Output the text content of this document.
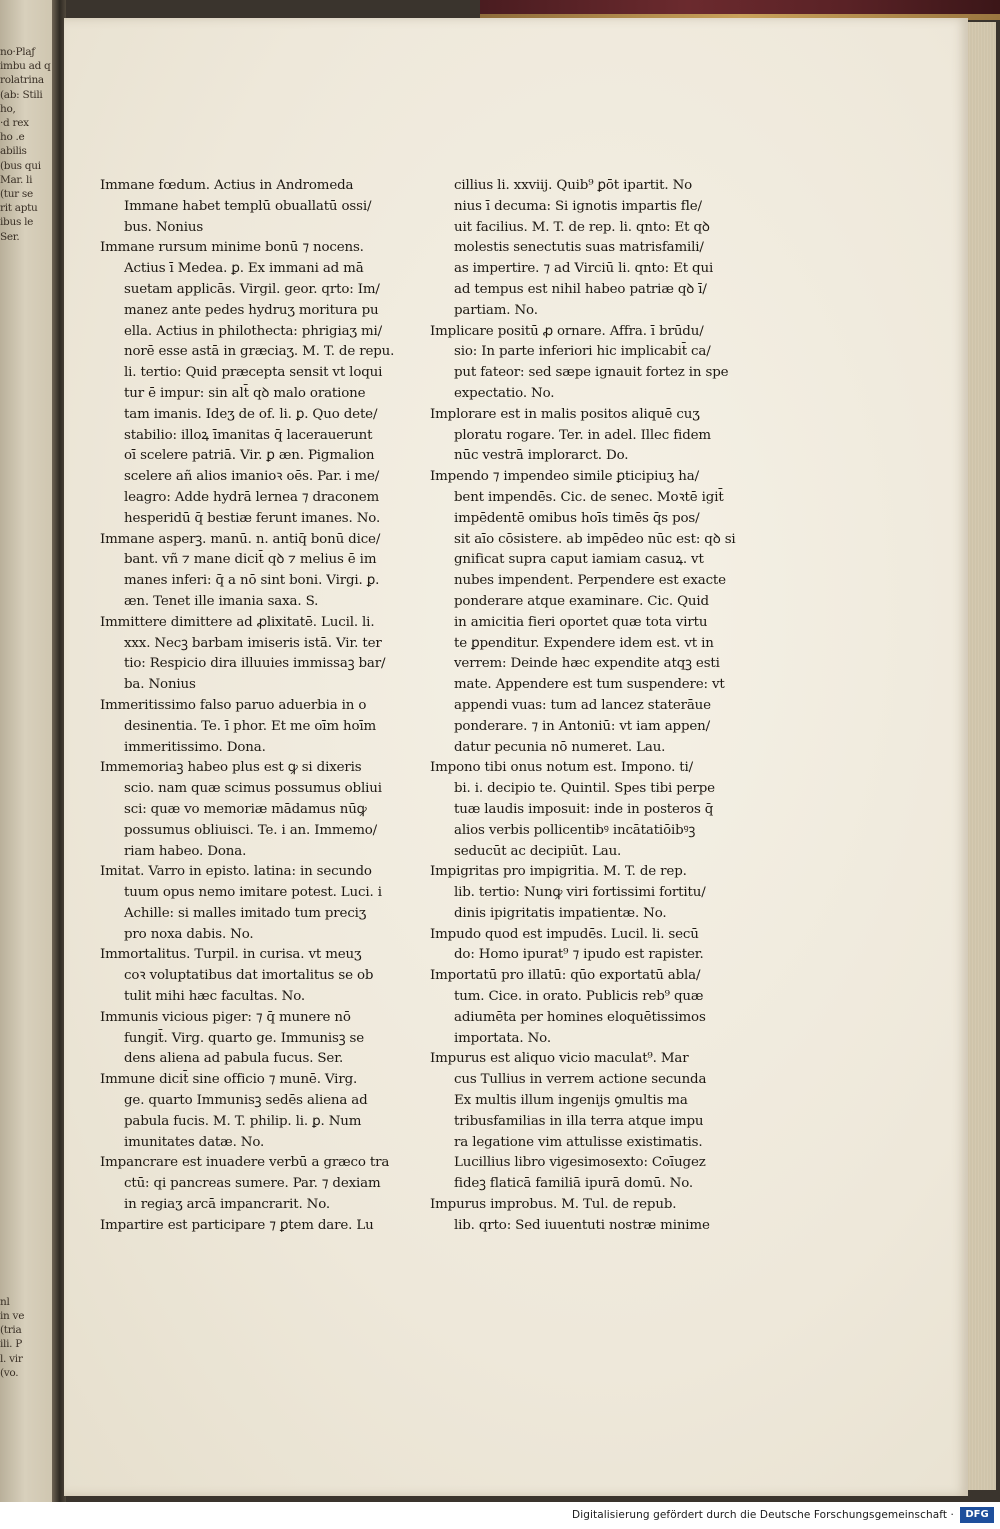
no·Plaƒ
imbu ad q
rolatrina
(ab: Stili
ho,
·d rex
ho .e
abilis
(bus qui
Mar. li
(tur se
rit aptu
ibus le
Ser.

nl
in ve
(tria
ili. P
l. vir
(vo.
Immane fœdum. Actius in Andromeda
Immane habet templū obuallatū ossi/
bus. Nonius
Immane rursum minime bonū ⁊ nocens.
Actius ī Medea. ꝑ. Ex immani ad mā
suetam applicās. Virgil. geor. qrto: Im/
manez ante pedes hydruʒ moritura pu
ella. Actius in philothecta: phrigiaʒ mi/
norē esse astā in græciaʒ. M. T. de repu.
li. tertio: Quid præcepta sensit vt loqui
tur ē impur: sin alt̄ qꝺ malo oratione
tam imanis. Ideʒ de of. li. ꝑ. Quo dete/
stabilio: illoꝝ īmanitas q̄ lacerauerunt
oī scelere patriā. Vir. ꝑ æn. Pigmalion
scelere añ alios imanioꝛ oēs. Par. i me/
leagro: Adde hydrā lernea ⁊ draconem
hesperidū q̄ bestiæ ferunt imanes. No.
Immane asperꝫ. manū. n. antiq̄ bonū dice/
bant. vñ ⁊ mane dicit̄ qꝺ ⁊ melius ē im
manes inferi: q̄ a nō sint boni. Virgi. ꝑ.
æn. Tenet ille imania saxa. S.
Immittere dimittere ad ꝓlixitatē. Lucil. li.
xxx. Necꝫ barbam imiseris istā. Vir. ter
tio: Respicio dira illuuies immissaꝫ bar/
ba. Nonius
Immeritissimo falso paruo aduerbia in o
desinentia. Te. ī phor. Et me oīm hoīm
immeritissimo. Dona.
Immemoriaꝫ habeo plus est ꝙ si dixeris
scio. nam quæ scimus possumus obliui
sci: quæ vo memoriæ mādamus nūꝙ
possumus obliuisci. Te. i an. Immemo/
riam habeo. Dona.
Imitat. Varro in episto. latina: in secundo
tuum opus nemo imitare potest. Luci. i
Achille: si malles imitado tum preciʒ
pro noxa dabis. No.
Immortalitus. Turpil. in curisa. vt meuʒ
coꝛ voluptatibus dat imortalitus se ob
tulit mihi hæc facultas. No.
Immunis vicious piger: ⁊ q̄ munere nō
fungit̄. Virg. quarto ge. Immunisꝫ se
dens aliena ad pabula fucus. Ser.
Immune dicit̄ sine officio ⁊ munē. Virg.
ge. quarto Immunisꝫ sedēs aliena ad
pabula fucis. M. T. philip. li. ꝑ. Num
imunitates datæ. No.
Impancrare est inuadere verbū a græco tra
ctū: qi pancreas sumere. Par. ⁊ dexiam
in regiaʒ arcā impancrarit. No.
Impartire est participare ⁊ ꝑtem dare. Lu
cillius li. xxviij. Quib⁹ ꝑōt ipartit. No
nius ī decuma: Si ignotis impartis fle/
uit facilius. M. T. de rep. li. qnto: Et qꝺ
molestis senectutis suas matrisfamili/
as impertire. ⁊ ad Virciū li. qnto: Et qui
ad tempus est nihil habeo patriæ qꝺ ī/
partiam. No.
Implicare positū ꝓ ornare. Affra. ī brūdu/
sio: In parte inferiori hic implicabit̄ ca/
put fateor: sed sæpe ignauit fortez in spe
expectatio. No.
Implorare est in malis positos aliquē cuʒ
ploratu rogare. Ter. in adel. Illec fidem
nūc vestrā implorarct. Do.
Impendo ⁊ impendeo simile ꝑticipiuʒ ha/
bent impendēs. Cic. de senec. Moꝛtē igit̄
impēdentē omibus hoīs timēs q̄s pos/
sit aīo cōsistere. ab impēdeo nūc est: qꝺ si
gnificat supra caput iamiam casuꝝ. vt
nubes impendent. Perpendere est exacte
ponderare atque examinare. Cic. Quid
in amicitia fieri oportet quæ tota virtu
te ꝑpenditur. Expendere idem est. vt in
verrem: Deinde hæc expendite atqꝫ esti
mate. Appendere est tum suspendere: vt
appendi vuas: tum ad lancez staterāue
ponderare. ⁊ in Antoniū: vt iam appen/
datur pecunia nō numeret. Lau.
Impono tibi onus notum est. Impono. ti/
bi. i. decipio te. Quintil. Spes tibi perpe
tuæ laudis imposuit: inde in posteros q̄
alios verbis pollicentibꝰ incātatiōibꝰꝫ
seducūt ac decipiūt. Lau.
Impigritas pro impigritia. M. T. de rep.
lib. tertio: Nunꝙ viri fortissimi fortitu/
dinis ipigritatis impatientæ. No.
Impudo quod est impudēs. Lucil. li. secū
do: Homo ipurat⁹ ⁊ ipudo est rapister.
Importatū pro illatū: qūo exportatū abla/
tum. Cice. in orato. Publicis reb⁹ quæ
adiumēta per homines eloquētissimos
importata. No.
Impurus est aliquo vicio maculat⁹. Mar
cus Tullius in verrem actione secunda
Ex multis illum ingenijs ꝯmultis ma
tribusfamilias in illa terra atque impu
ra legatione vim attulisse existimatis.
Lucillius libro vigesimosexto: Coīugez
fideꝫ flaticā familiā ipurā domū. No.
Impurus improbus. M. Tul. de repub.
lib. qrto: Sed iuuentuti nostræ minime
Digitalisierung gefördert durch die Deutsche Forschungsgemeinschaft ·	DFG
